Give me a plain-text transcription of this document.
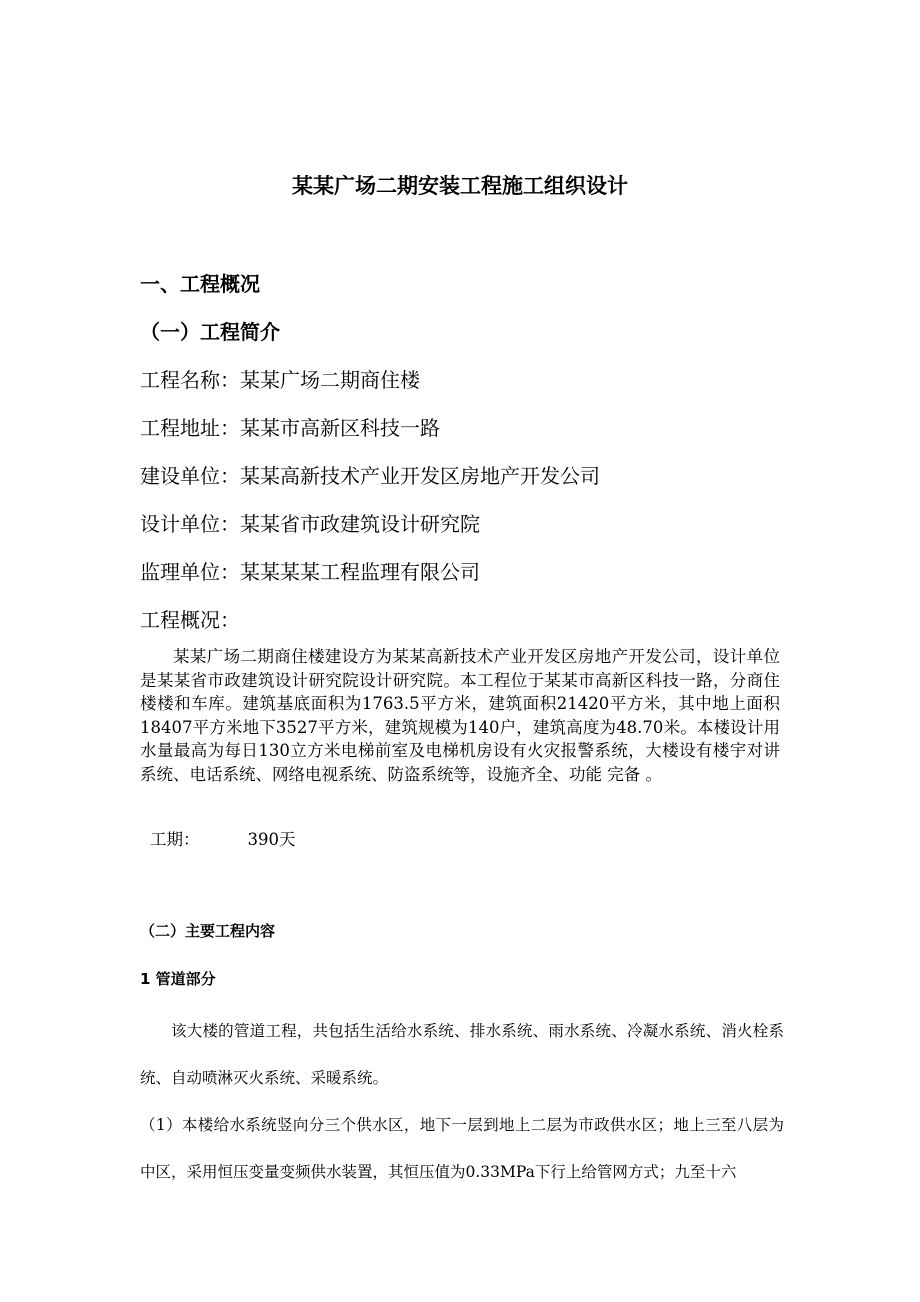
某某广场二期安装工程施工组织设计
一、工程概况
（一）工程简介
工程名称：某某广场二期商住楼
工程地址：某某市高新区科技一路
建设单位：某某高新技术产业开发区房地产开发公司
设计单位：某某省市政建筑设计研究院
监理单位：某某某某工程监理有限公司
工程概况：
某某广场二期商住楼建设方为某某高新技术产业开发区房地产开发公司，设计单位是某某省市政建筑设计研究院设计研究院。本工程位于某某市高新区科技一路，分商住楼楼和车库。建筑基底面积为1763.5平方米，建筑面积21420平方米，其中地上面积18407平方米地下3527平方米，建筑规模为140户，建筑高度为48.70米。本楼设计用水量最高为每日130立方米电梯前室及电梯机房设有火灾报警系统，大楼设有楼宇对讲系统、电话系统、网络电视系统、防盗系统等，设施齐全、功能 完备 。
工期：	390天
（二）主要工程内容
1 管道部分
该大楼的管道工程，共包括生活给水系统、排水系统、雨水系统、冷凝水系统、消火栓系统、自动喷淋灭火系统、采暖系统。
（1）本楼给水系统竖向分三个供水区，地下一层到地上二层为市政供水区；地上三至八层为中区，采用恒压变量变频供水装置，其恒压值为0.33MPa下行上给管网方式；九至十六
